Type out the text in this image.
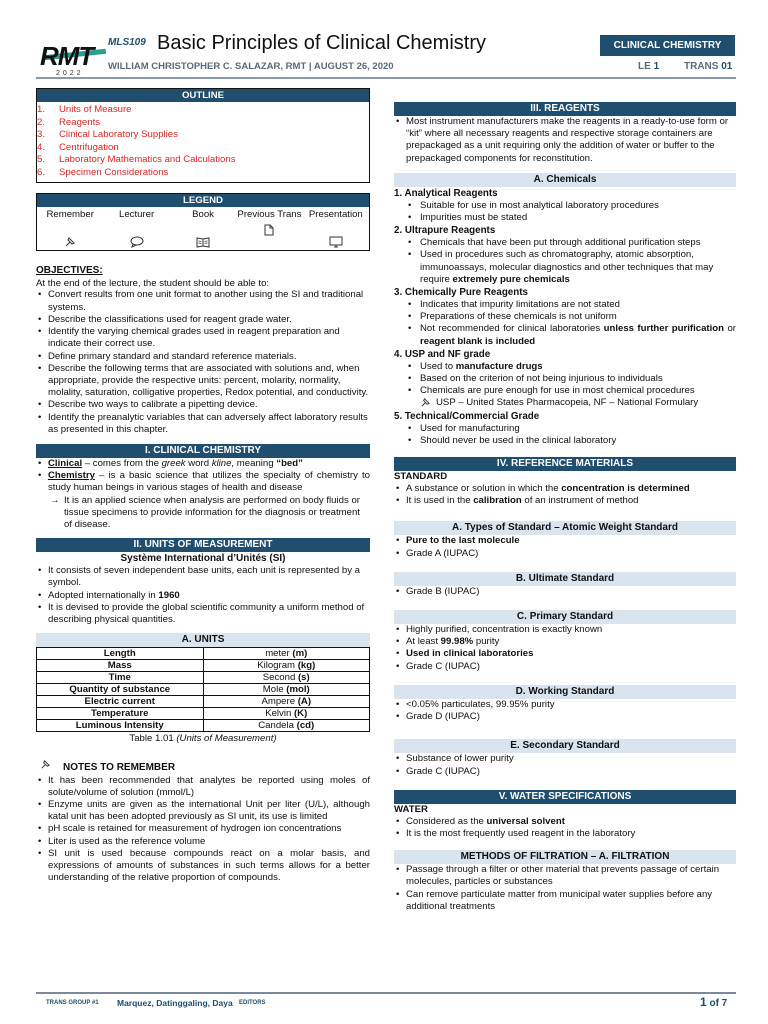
RMT
2022
MLS109 Basic Principles of Clinical Chemistry	CLINICAL CHEMISTRY
WILLIAM CHRISTOPHER C. SALAZAR, RMT | AUGUST 26, 2020	LE 1 TRANS 01
OUTLINE
1. Units of Measure
2. Reagents
3. Clinical Laboratory Supplies
4. Centrifugation
5. Laboratory Mathematics and Calculations
6. Specimen Considerations
LEGEND
Remember
	Lecturer
	Book
	Previous Trans Presentation

OBJECTIVES:

At the end of the lecture, the student should be able to:

• Convert results from one unit format to another using the SI and traditional systems.
• Describe the classifications used for reagent grade water.
• Identify the varying chemical grades used in reagent preparation and indicate their correct use.
• Define primary standard and standard reference materials.
• Describe the following terms that are associated with solutions and, when appropriate, provide the respective units: percent, molarity, normality, molality, saturation, colligative properties, Redox potential, and conductivity.
• Describe two ways to calibrate a pipetting device.
• Identify the preanalytic variables that can adversely affect laboratory results as presented in this chapter.
I. CLINICAL CHEMISTRY
• Clinical – comes from the greek word kline, meaning “bed”
• Chemistry – is a basic science that utilizes the specialty of chemistry to study human beings in various stages of health and disease
→ It is an applied science when analysis are performed on body fluids or tissue specimens to provide information for the diagnosis or treatment of disease.
II. UNITS OF MEASUREMENT
Système International d’Unités (SI)
• It consists of seven independent base units, each unit is represented by a symbol.
• Adopted internationally in 1960
• It is devised to provide the global scientific community a uniform method of describing physical quantities.
A. UNITS
Length	meter (m)
Mass	Kilogram (kg)
Time	Second (s)
Quantity of substance	Mole (mol)
Electric current	Ampere (A)
Temperature	Kelvin (K)
Luminous Intensity	Candela (cd)
Table 1.01 (Units of Measurement)
NOTES TO REMEMBER
• It has been recommended that analytes be reported using moles of solute/volume of solution (mmol/L)
• Enzyme units are given as the international Unit per liter (U/L), although katal unit has been adopted previously as SI unit, its use is limited
• pH scale is retained for measurement of hydrogen ion concentrations
• Liter is used as the reference volume
• SI unit is used because compounds react on a molar basis, and expressions of amounts of substances in such terms allows for a better understanding of the relative proportion of compounds.
III. REAGENTS
• Most instrument manufacturers make the reagents in a ready-to-use form or “kit” where all necessary reagents and respective storage containers are prepackaged as a unit requiring only the addition of water or buffer to the prepackaged components for reconstitution.
A. Chemicals
1. Analytical Reagents
• Suitable for use in most analytical laboratory procedures
• Impurities must be stated
2. Ultrapure Reagents
• Chemicals that have been put through additional purification steps
• Used in procedures such as chromatography, atomic absorption, immunoassays, molecular diagnostics and other techniques that may require extremely pure chemicals
3. Chemically Pure Reagents
• Indicates that impurity limitations are not stated
• Preparations of these chemicals is not uniform
• Not recommended for clinical laboratories unless further purification or reagent blank is included
4. USP and NF grade
• Used to manufacture drugs
• Based on the criterion of not being injurious to individuals
• Chemicals are pure enough for use in most chemical procedures
USP – United States Pharmacopeia, NF – National Formulary
5. Technical/Commercial Grade
• Used for manufacturing
• Should never be used in the clinical laboratory
IV. REFERENCE MATERIALS
STANDARD
• A substance or solution in which the concentration is determined
• It is used in the calibration of an instrument of method
A. Types of Standard – Atomic Weight Standard
• Pure to the last molecule
• Grade A (IUPAC)
B. Ultimate Standard
• Grade B (IUPAC)
C. Primary Standard
• Highly purified, concentration is exactly known
• At least 99.98% purity
• Used in clinical laboratories
• Grade C (IUPAC)
D. Working Standard
• <0.05% particulates, 99.95% purity
• Grade D (IUPAC)
E. Secondary Standard
• Substance of lower purity
• Grade C (IUPAC)
V. WATER SPECIFICATIONS
WATER
• Considered as the universal solvent
• It is the most frequently used reagent in the laboratory
METHODS OF FILTRATION – A. FILTRATION
• Passage through a filter or other material that prevents passage of certain molecules, particles or substances
• Can remove particulate matter from municipal water supplies before any additional treatments
TRANS GROUP #1 Marquez, Datinggaling, Daya EDITORS	1 of 7
